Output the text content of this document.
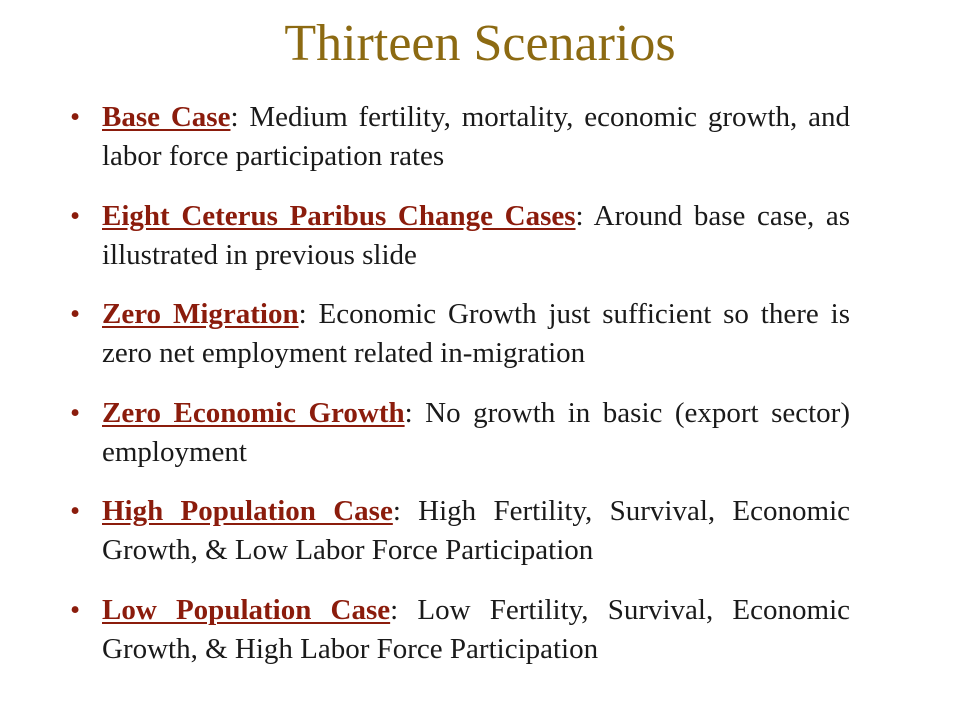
Thirteen Scenarios
• Base Case: Medium fertility, mortality, economic growth, and labor force participation rates
• Eight Ceterus Paribus Change Cases: Around base case, as illustrated in previous slide
• Zero Migration: Economic Growth just sufficient so there is zero net employment related in-migration
• Zero Economic Growth: No growth in basic (export sector) employment
• High Population Case: High Fertility, Survival, Economic Growth, & Low Labor Force Participation
• Low Population Case: Low Fertility, Survival, Economic Growth, & High Labor Force Participation
